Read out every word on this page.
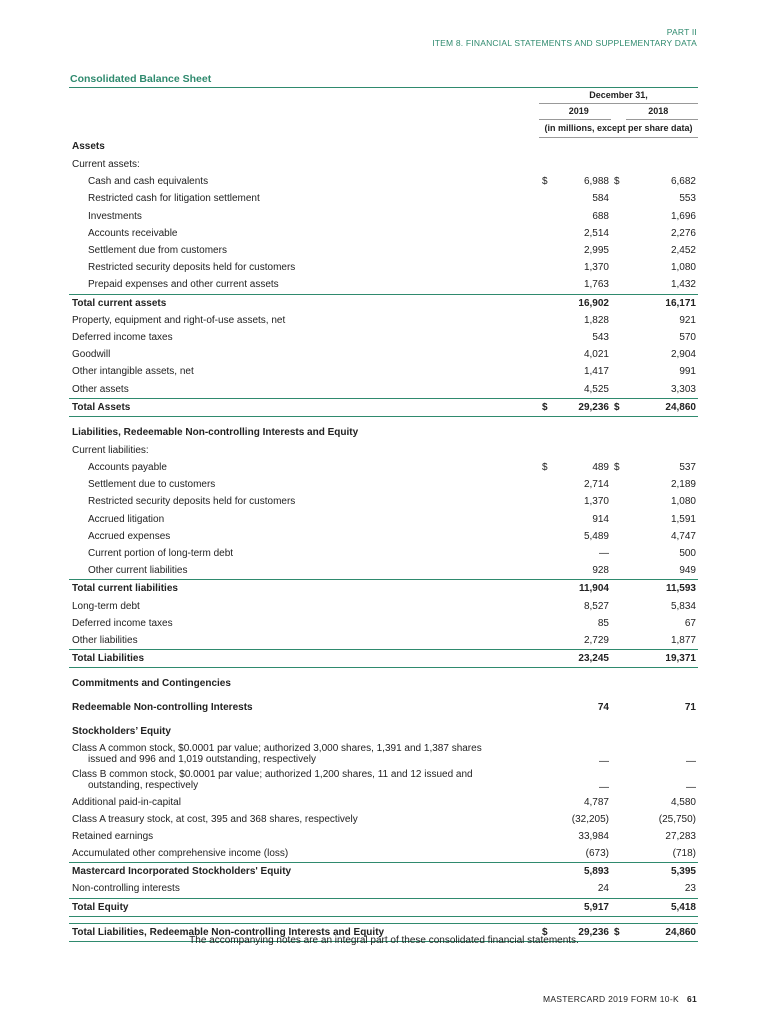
PART II
ITEM 8. FINANCIAL STATEMENTS AND SUPPLEMENTARY DATA
Consolidated Balance Sheet
December 31,
2019	2018
(in millions, except per share data)
Assets				
Current assets:				
Cash and cash equivalents	$	6,988	$	6,682
Restricted cash for litigation settlement		584		553
Investments		688		1,696
Accounts receivable		2,514		2,276
Settlement due from customers		2,995		2,452
Restricted security deposits held for customers		1,370		1,080
Prepaid expenses and other current assets		1,763		1,432
Total current assets		16,902		16,171
Property, equipment and right-of-use assets, net		1,828		921
Deferred income taxes		543		570
Goodwill		4,021		2,904
Other intangible assets, net		1,417		991
Other assets		4,525		3,303
Total Assets	$	29,236	$	24,860

Liabilities, Redeemable Non-controlling Interests and Equity				
Current liabilities:				
Accounts payable	$	489	$	537
Settlement due to customers		2,714		2,189
Restricted security deposits held for customers		1,370		1,080
Accrued litigation		914		1,591
Accrued expenses		5,489		4,747
Current portion of long-term debt		—		500
Other current liabilities		928		949
Total current liabilities		11,904		11,593
Long-term debt		8,527		5,834
Deferred income taxes		85		67
Other liabilities		2,729		1,877
Total Liabilities		23,245		19,371

Commitments and Contingencies				

Redeemable Non-controlling Interests		74		71

Stockholders’ Equity				

Class A common stock, $0.0001 par value; authorized 3,000 shares, 1,391 and 1,387 shares issued and 996 and 1,019 outstanding, respectively		—		—

Class B common stock, $0.0001 par value; authorized 1,200 shares, 11 and 12 issued and outstanding, respectively		—		—
Additional paid-in-capital		4,787		4,580
Class A treasury stock, at cost, 395 and 368 shares, respectively		(32,205)		(25,750)
Retained earnings		33,984		27,283
Accumulated other comprehensive income (loss)		(673)		(718)
Mastercard Incorporated Stockholders' Equity		5,893		5,395
Non-controlling interests		24		23
Total Equity		5,917		5,418

Total Liabilities, Redeemable Non-controlling Interests and Equity	$	29,236	$	24,860
The accompanying notes are an integral part of these consolidated financial statements.
MASTERCARD 2019 FORM 10-K 61
